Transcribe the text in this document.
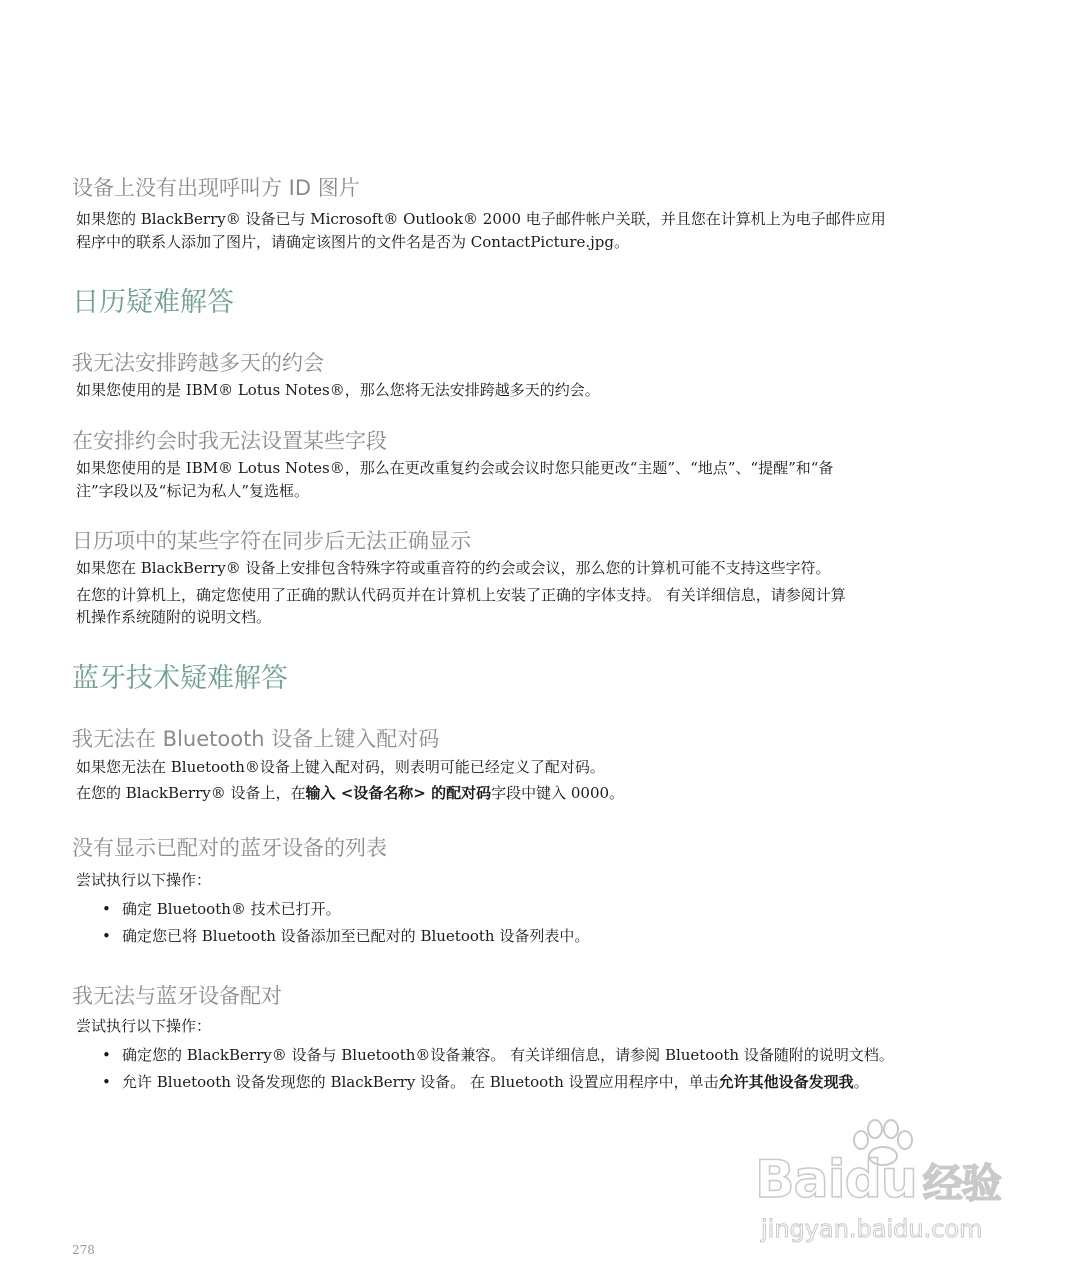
设备上没有出现呼叫方 ID 图片

如果您的 BlackBerry® 设备已与 Microsoft® Outlook® 2000 电子邮件帐户关联，并且您在计算机上为电子邮件应用

程序中的联系人添加了图片，请确定该图片的文件名是否为 ContactPicture.jpg。

日历疑难解答
我无法安排跨越多天的约会

如果您使用的是 IBM® Lotus Notes®，那么您将无法安排跨越多天的约会。

在安排约会时我无法设置某些字段

如果您使用的是 IBM® Lotus Notes®，那么在更改重复约会或会议时您只能更改“主题”、“地点”、“提醒”和“备

注”字段以及“标记为私人”复选框。

日历项中的某些字符在同步后无法正确显示

如果您在 BlackBerry® 设备上安排包含特殊字符或重音符的约会或会议，那么您的计算机可能不支持这些字符。

在您的计算机上，确定您使用了正确的默认代码页并在计算机上安装了正确的字体支持。 有关详细信息，请参阅计算

机操作系统随附的说明文档。

蓝牙技术疑难解答
我无法在 Bluetooth 设备上键入配对码

如果您无法在 Bluetooth®设备上键入配对码，则表明可能已经定义了配对码。

在您的 BlackBerry® 设备上，在输入 <设备名称> 的配对码字段中键入 0000。

没有显示已配对的蓝牙设备的列表

尝试执行以下操作：

• 确定 Bluetooth® 技术已打开。
• 确定您已将 Bluetooth 设备添加至已配对的 Bluetooth 设备列表中。
我无法与蓝牙设备配对

尝试执行以下操作：

• 确定您的 BlackBerry® 设备与 Bluetooth®设备兼容。 有关详细信息，请参阅 Bluetooth 设备随附的说明文档。
• 允许 Bluetooth 设备发现您的 BlackBerry 设备。 在 Bluetooth 设置应用程序中，单击允许其他设备发现我。
278
Baidu 经验
jingyan.baidu.com
